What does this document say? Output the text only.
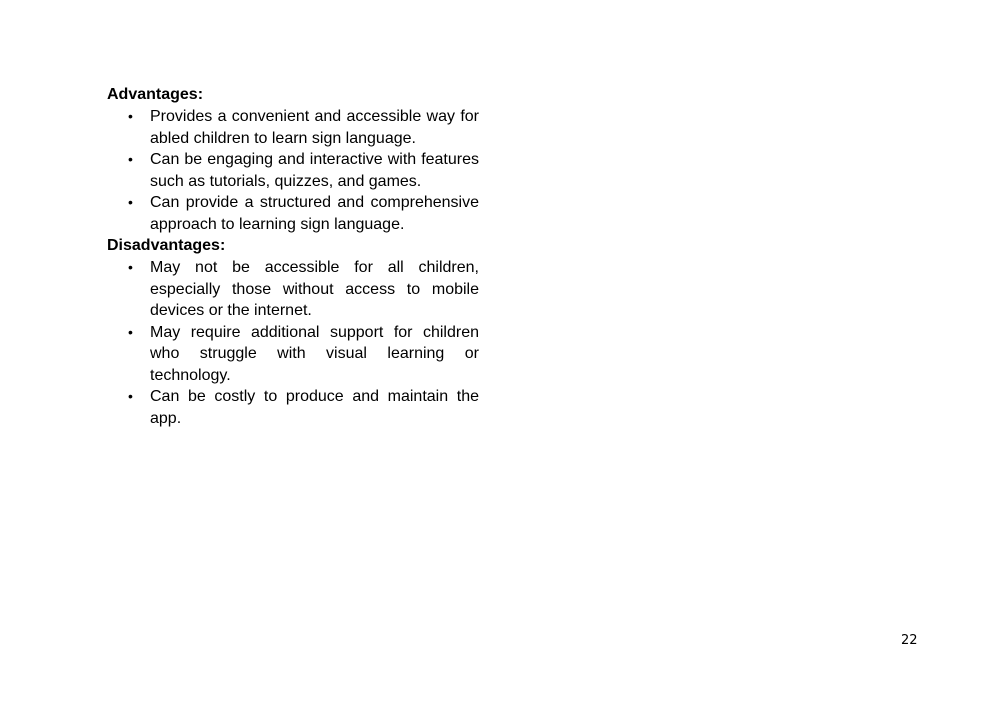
Advantages:

• Provides a convenient and accessible way for abled children to learn sign language.
• Can be engaging and interactive with features such as tutorials, quizzes, and games.
• Can provide a structured and comprehensive approach to learning sign language.

Disadvantages:

• May not be accessible for all children, especially those without access to mobile devices or the internet.
• May require additional support for children who struggle with visual learning or technology.
• Can be costly to produce and maintain the app.
22
